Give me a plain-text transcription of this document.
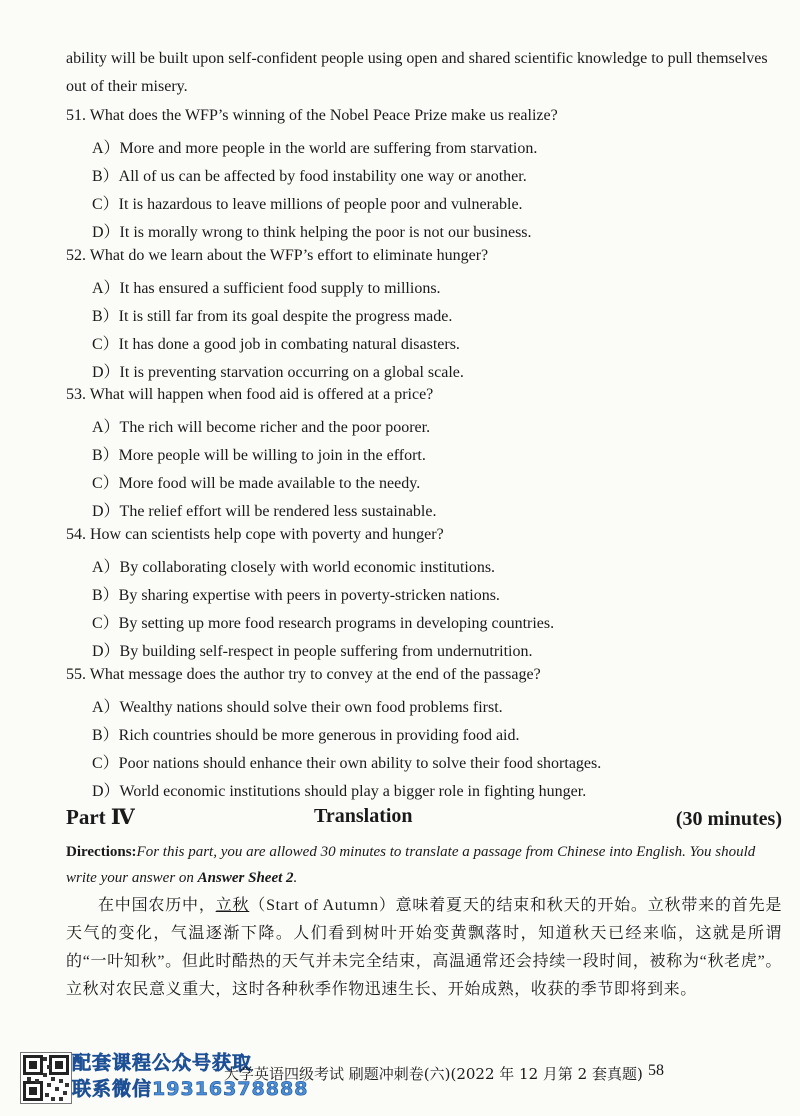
ability will be built upon self-confident people using open and shared scientific knowledge to pull themselves out of their misery.
51. What does the WFP’s winning of the Nobel Peace Prize make us realize?
A）More and more people in the world are suffering from starvation.
B）All of us can be affected by food instability one way or another.
C）It is hazardous to leave millions of people poor and vulnerable.
D）It is morally wrong to think helping the poor is not our business.
52. What do we learn about the WFP’s effort to eliminate hunger?
A）It has ensured a sufficient food supply to millions.
B）It is still far from its goal despite the progress made.
C）It has done a good job in combating natural disasters.
D）It is preventing starvation occurring on a global scale.
53. What will happen when food aid is offered at a price?
A）The rich will become richer and the poor poorer.
B）More people will be willing to join in the effort.
C）More food will be made available to the needy.
D）The relief effort will be rendered less sustainable.
54. How can scientists help cope with poverty and hunger?
A）By collaborating closely with world economic institutions.
B）By sharing expertise with peers in poverty-stricken nations.
C）By setting up more food research programs in developing countries.
D）By building self-respect in people suffering from undernutrition.
55. What message does the author try to convey at the end of the passage?
A）Wealthy nations should solve their own food problems first.
B）Rich countries should be more generous in providing food aid.
C）Poor nations should enhance their own ability to solve their food shortages.
D）World economic institutions should play a bigger role in fighting hunger.
Part Ⅳ	Translation	(30 minutes)
Directions:For this part, you are allowed 30 minutes to translate a passage from Chinese into English. You should write your answer on Answer Sheet 2.
在中国农历中，立秋（Start of Autumn）意味着夏天的结束和秋天的开始。立秋带来的首先是天气的变化，气温逐渐下降。人们看到树叶开始变黄飘落时，知道秋天已经来临，这就是所谓的“一叶知秋”。但此时酷热的天气并未完全结束，高温通常还会持续一段时间，被称为“秋老虎”。立秋对农民意义重大，这时各种秋季作物迅速生长、开始成熟，收获的季节即将到来。
配套课程公众号获取
联系微信19316378888
大学英语四级考试 刷题冲刺卷(六)(2022 年 12 月第 2 套真题) 58
